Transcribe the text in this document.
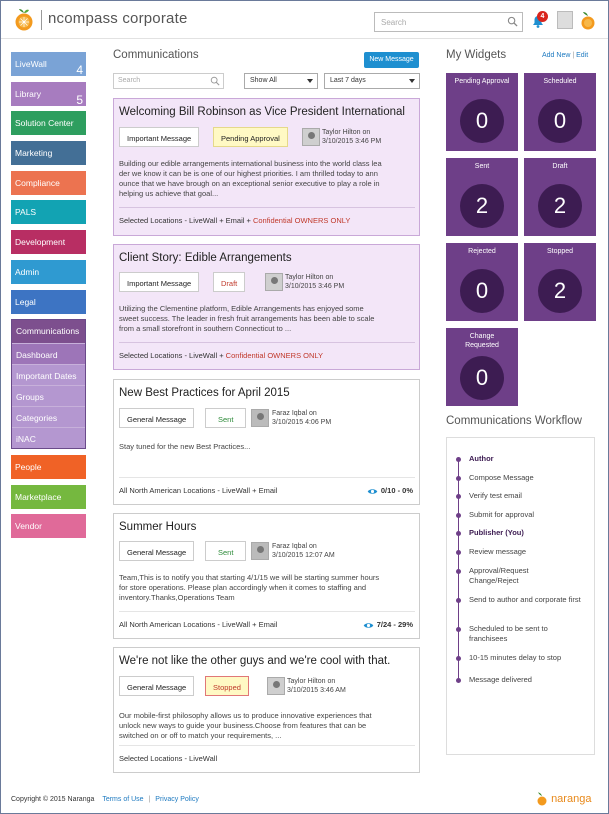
ncompass corporate	Search
4
LiveWall 4
Library	5
Solution Center
Marketing
Compliance
PALS
Development
Admin
Legal
Communications
Dashboard
Important Dates
Groups
Categories
iNAC
People
Marketplace
Vendor
Communications	New Message
Search	Show All	Last 7 days
Welcoming Bill Robinson as Vice President International
Important Message	Pending Approval
Taylor Hilton on
3/10/2015 3:46 PM
Building our edible arrangements international business into the world class lea
der we know it can be is one of our highest priorities. I am thrilled today to ann
ounce that we have brough on an exceptional senior executive to play a role in
helping us achieve that goal...
Selected Locations - LiveWall + Email + Confidential OWNERS ONLY
Client Story: Edible Arrangements
Important Message	Draft
Taylor Hilton on
3/10/2015 3:46 PM
Utilizing the Clementine platform, Edible Arrangements has enjoyed some
sweet success. The leader in fresh fruit arrangements has been able to scale
from a small storefront in southern Connecticut to ...
Selected Locations - LiveWall + Confidential OWNERS ONLY
New Best Practices for April 2015
General Message	Sent
Faraz Iqbal on
3/10/2015 4:06 PM
Stay tuned for the new Best Practices...
All North American Locations - LiveWall + Email	0/10 - 0%
Summer Hours
General Message	Sent
Faraz Iqbal on
3/10/2015 12:07 AM
Team,This is to notify you that starting 4/1/15 we will be starting summer hours
for store operations. Please plan accordingly when it comes to staffing and
inventory.Thanks,Operations Team
All North American Locations - LiveWall + Email	7/24 - 29%
We're not like the other guys and we're cool with that.
General Message	Stopped
Taylor Hilton on
3/10/2015 3:46 AM
Our mobile-first philosophy allows us to produce innovative experiences that
unlock new ways to guide your business.Choose from features that can be
switched on or off to match your requirements, ...
Selected Locations - LiveWall
My Widgets	Add New | Edit
Pending Approval
0
Scheduled
0
Sent
2
Draft
2
Rejected
0
Stopped
2
Change Requested
0
Communications Workflow
Author
Compose Message
Verify test email
Submit for approval
Publisher (You)
Review message
Approval/Request Change/Reject
Send to author and corporate first
Scheduled to be sent to franchisees
10-15 minutes delay to stop
Message delivered
Copyright © 2015 Naranga Terms of Use | Privacy Policy	naranga
